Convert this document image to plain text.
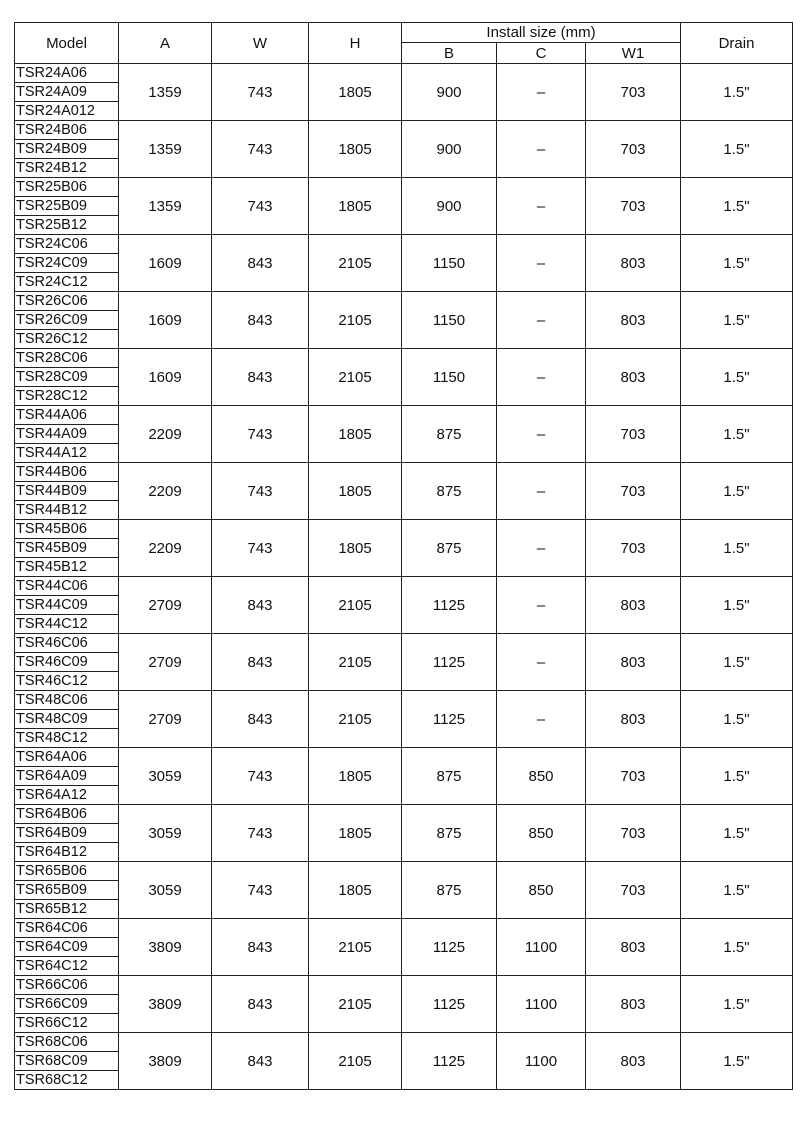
Model	A	W	H	Install size (mm)			Drain
				B	C	W1	
TSR24A06	1359	743	1805	900	–	703	1.5"
TSR24A09							
TSR24A012							
TSR24B06	1359	743	1805	900	–	703	1.5"
TSR24B09							
TSR24B12							
TSR25B06	1359	743	1805	900	–	703	1.5"
TSR25B09							
TSR25B12							
TSR24C06	1609	843	2105	1150	–	803	1.5"
TSR24C09							
TSR24C12							
TSR26C06	1609	843	2105	1150	–	803	1.5"
TSR26C09							
TSR26C12							
TSR28C06	1609	843	2105	1150	–	803	1.5"
TSR28C09							
TSR28C12							
TSR44A06	2209	743	1805	875	–	703	1.5"
TSR44A09							
TSR44A12							
TSR44B06	2209	743	1805	875	–	703	1.5"
TSR44B09							
TSR44B12							
TSR45B06	2209	743	1805	875	–	703	1.5"
TSR45B09							
TSR45B12							
TSR44C06	2709	843	2105	1125	–	803	1.5"
TSR44C09							
TSR44C12							
TSR46C06	2709	843	2105	1125	–	803	1.5"
TSR46C09							
TSR46C12							
TSR48C06	2709	843	2105	1125	–	803	1.5"
TSR48C09							
TSR48C12							
TSR64A06	3059	743	1805	875	850	703	1.5"
TSR64A09							
TSR64A12							
TSR64B06	3059	743	1805	875	850	703	1.5"
TSR64B09							
TSR64B12							
TSR65B06	3059	743	1805	875	850	703	1.5"
TSR65B09							
TSR65B12							
TSR64C06	3809	843	2105	1125	1100	803	1.5"
TSR64C09							
TSR64C12							
TSR66C06	3809	843	2105	1125	1100	803	1.5"
TSR66C09							
TSR66C12							
TSR68C06	3809	843	2105	1125	1100	803	1.5"
TSR68C09							
TSR68C12							
